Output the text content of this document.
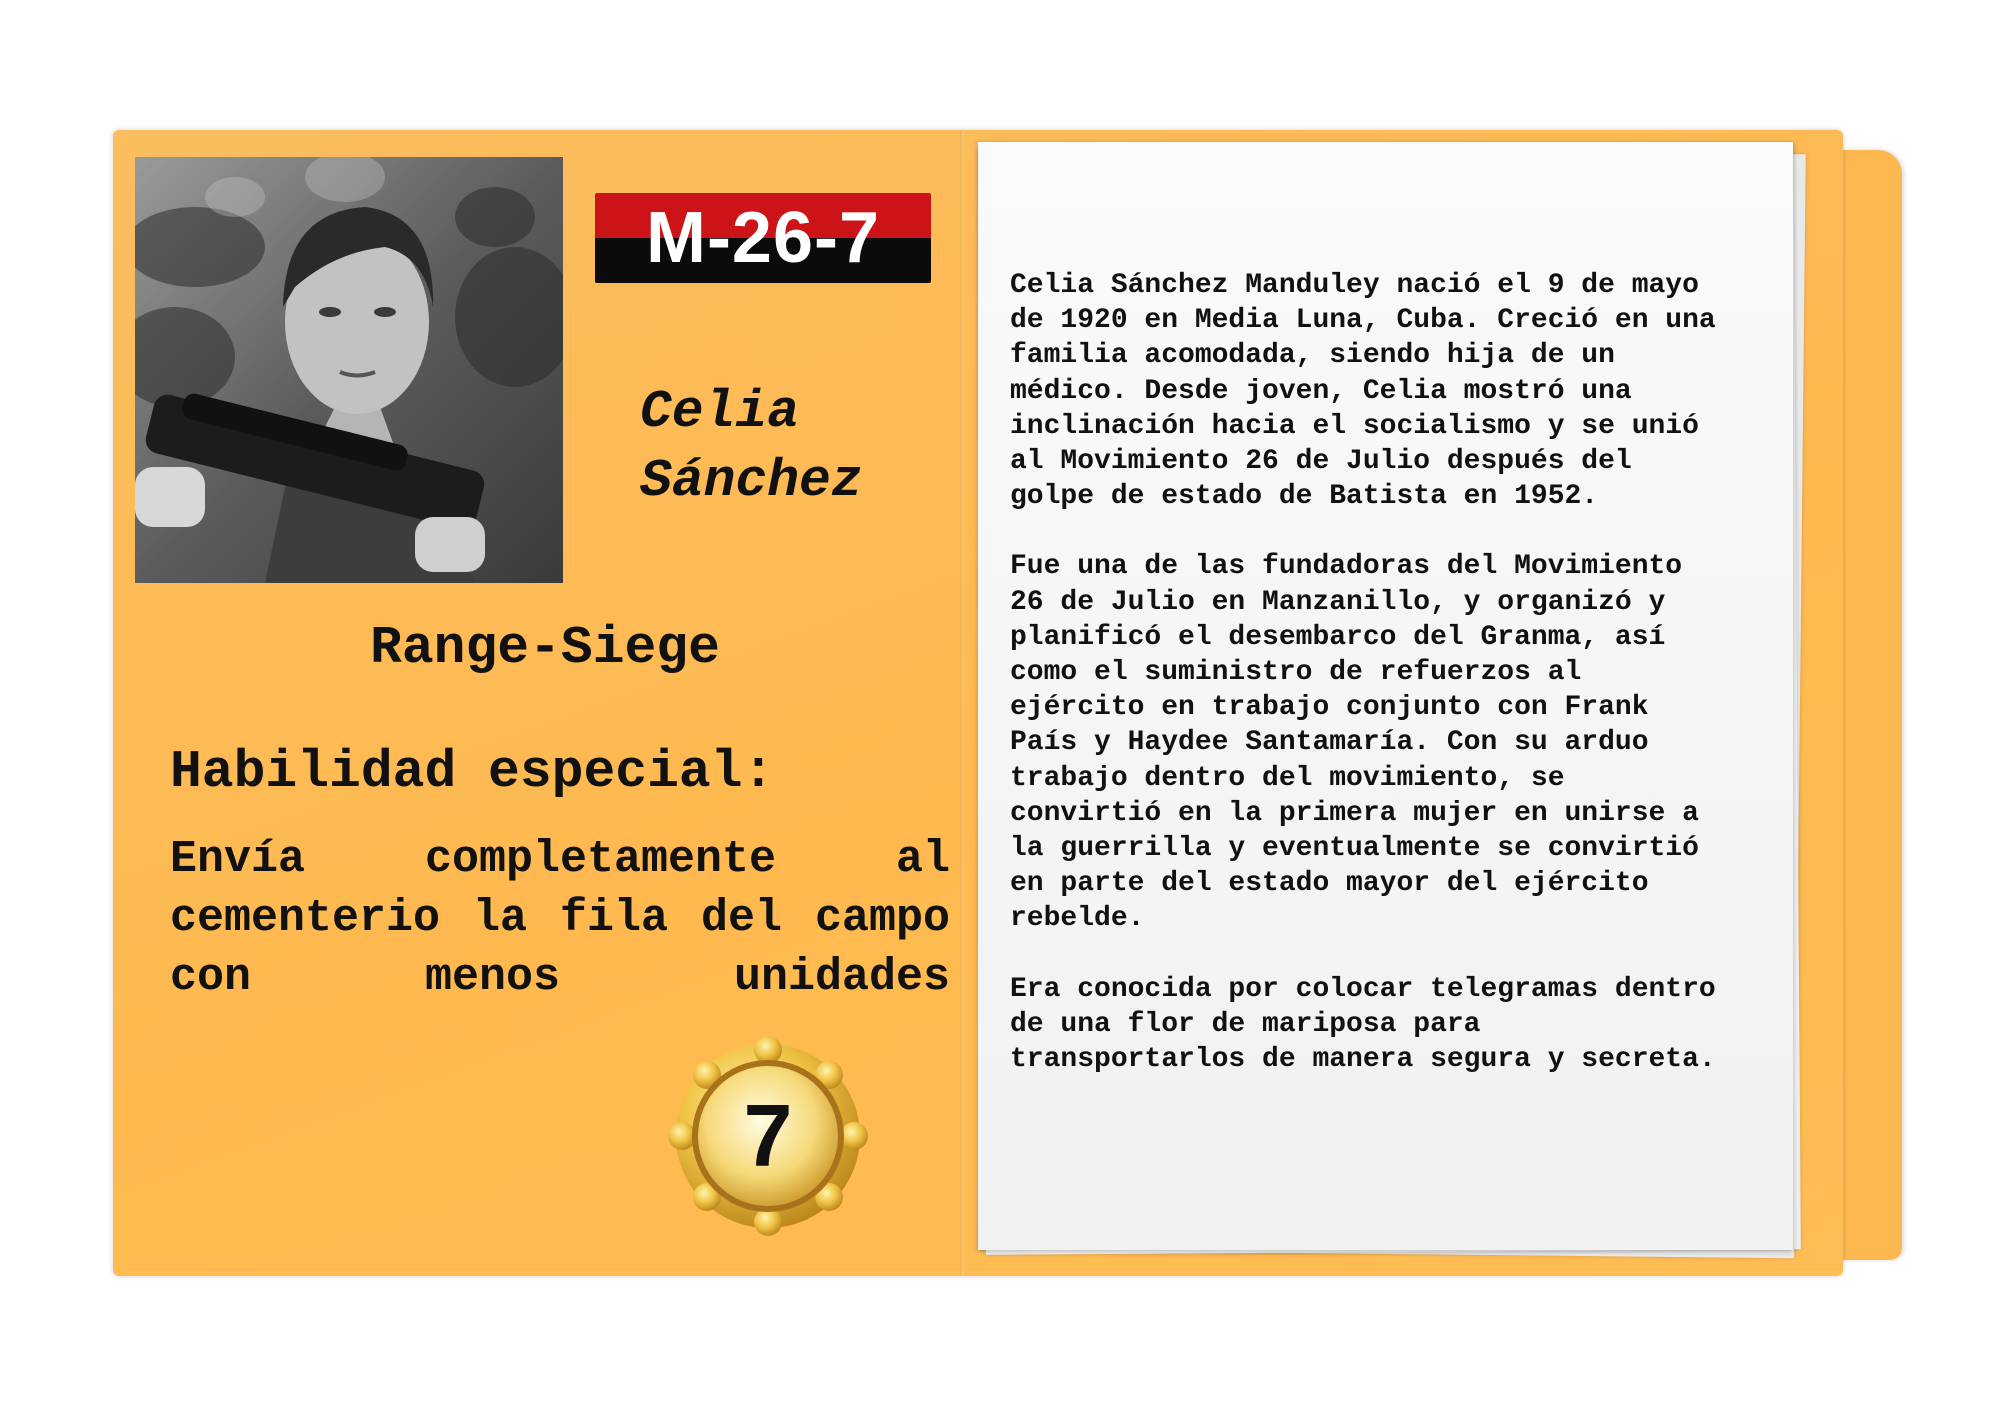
M-26-7
Celia
Sánchez
Range-Siege
Habilidad especial:
Envía completamente al cementerio la fila del campo con menos unidades
7

Celia Sánchez Manduley nació el 9 de mayo
de 1920 en Media Luna, Cuba. Creció en una
familia acomodada, siendo hija de un
médico. Desde joven, Celia mostró una
inclinación hacia el socialismo y se unió
al Movimiento 26 de Julio después del
golpe de estado de Batista en 1952.

Fue una de las fundadoras del Movimiento
26 de Julio en Manzanillo, y organizó y
planificó el desembarco del Granma, así
como el suministro de refuerzos al
ejército en trabajo conjunto con Frank
País y Haydee Santamaría. Con su arduo
trabajo dentro del movimiento, se
convirtió en la primera mujer en unirse a
la guerrilla y eventualmente se convirtió
en parte del estado mayor del ejército
rebelde.

Era conocida por colocar telegramas dentro
de una flor de mariposa para
transportarlos de manera segura y secreta.
